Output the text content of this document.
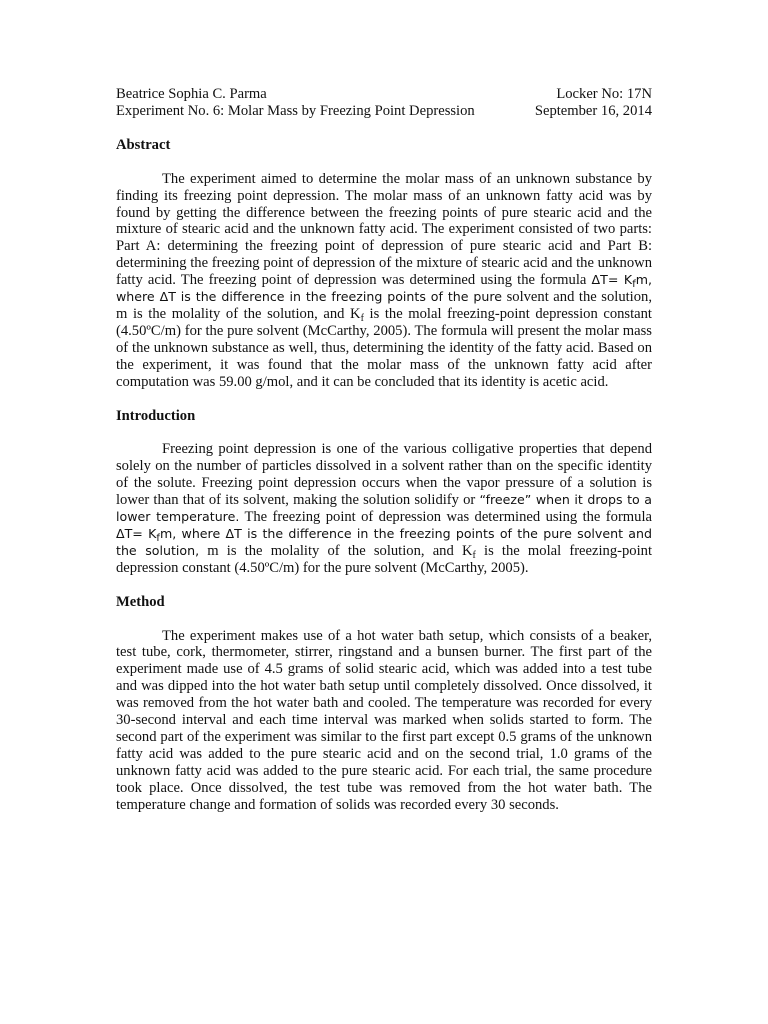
Beatrice Sophia C. Parma	Locker No: 17N
Experiment No. 6: Molar Mass by Freezing Point Depression	September 16, 2014
Abstract

The experiment aimed to determine the molar mass of an unknown substance by finding its freezing point depression. The molar mass of an unknown fatty acid was by found by getting the difference between the freezing points of pure stearic acid and the mixture of stearic acid and the unknown fatty acid. The experiment consisted of two parts: Part A: determining the freezing point of depression of pure stearic acid and Part B: determining the freezing point of depression of the mixture of stearic acid and the unknown fatty acid. The freezing point of depression was determined using the formula $\Delta T= K_fm$, where ΔT is the difference in the freezing points of the pure solvent and the solution, m is the molality of the solution, and $K_f$ is the molal freezing-point depression constant (4.50ºC/m) for the pure solvent (McCarthy, 2005). The formula will present the molar mass of the unknown substance as well, thus, determining the identity of the fatty acid. Based on the experiment, it was found that the molar mass of the unknown fatty acid after computation was 59.00 g/mol, and it can be concluded that its identity is acetic acid.

Introduction

Freezing point depression is one of the various colligative properties that depend solely on the number of particles dissolved in a solvent rather than on the specific identity of the solute. Freezing point depression occurs when the vapor pressure of a solution is lower than that of its solvent, making the solution solidify or “freeze” when it drops to a lower temperature. The freezing point of depression was determined using the formula $\Delta T= K_fm$, where ΔT is the difference in the freezing points of the pure solvent and the solution, m is the molality of the solution, and $K_f$ is the molal freezing-point depression constant (4.50ºC/m) for the pure solvent (McCarthy, 2005).

Method

The experiment makes use of a hot water bath setup, which consists of a beaker, test tube, cork, thermometer, stirrer, ringstand and a bunsen burner. The first part of the experiment made use of 4.5 grams of solid stearic acid, which was added into a test tube and was dipped into the hot water bath setup until completely dissolved. Once dissolved, it was removed from the hot water bath and cooled. The temperature was recorded for every 30-second interval and each time interval was marked when solids started to form. The second part of the experiment was similar to the first part except 0.5 grams of the unknown fatty acid was added to the pure stearic acid and on the second trial, 1.0 grams of the unknown fatty acid was added to the pure stearic acid. For each trial, the same procedure took place. Once dissolved, the test tube was removed from the hot water bath. The temperature change and formation of solids was recorded every 30 seconds.
